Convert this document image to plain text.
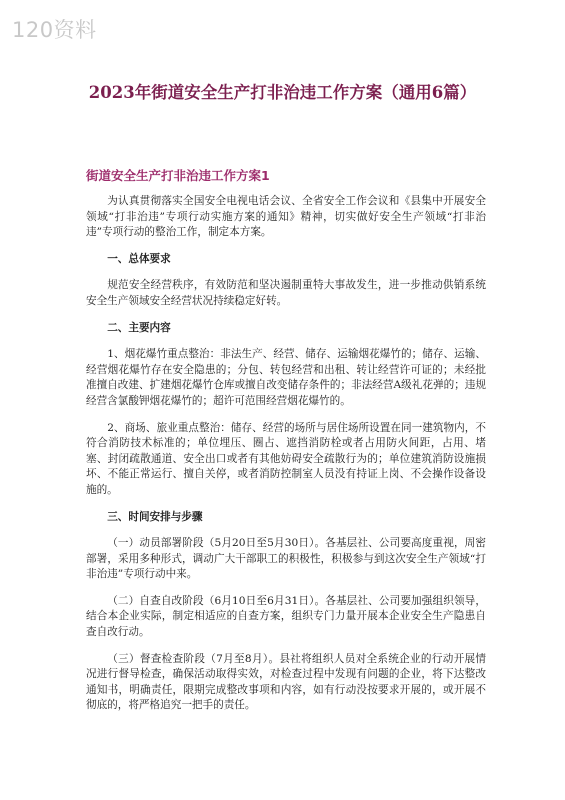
120资料
2023年街道安全生产打非治违工作方案（通用6篇）
街道安全生产打非治违工作方案1

为认真贯彻落实全国安全电视电话会议、全省安全工作会议和《县集中开展安全领域“打非治违”专项行动实施方案的通知》精神，切实做好安全生产领域“打非治违”专项行动的整治工作，制定本方案。

一、总体要求

规范安全经营秩序，有效防范和坚决遏制重特大事故发生，进一步推动供销系统安全生产领域安全经营状况持续稳定好转。

二、主要内容

1、烟花爆竹重点整治：非法生产、经营、储存、运输烟花爆竹的；储存、运输、经营烟花爆竹存在安全隐患的；分包、转包经营和出租、转让经营许可证的；未经批准擅自改建、扩建烟花爆竹仓库或擅自改变储存条件的；非法经营A级礼花弹的；违规经营含氯酸钾烟花爆竹的；超许可范围经营烟花爆竹的。

2、商场、旅业重点整治：储存、经营的场所与居住场所设置在同一建筑物内，不符合消防技术标准的；单位埋压、圈占、遮挡消防栓或者占用防火间距，占用、堵塞、封闭疏散通道、安全出口或者有其他妨碍安全疏散行为的；单位建筑消防设施损坏、不能正常运行、擅自关停，或者消防控制室人员没有持证上岗、不会操作设备设施的。

三、时间安排与步骤

（一）动员部署阶段（5月20日至5月30日）。各基层社、公司要高度重视，周密部署，采用多种形式，调动广大干部职工的积极性，积极参与到这次安全生产领域“打非治违”专项行动中来。

（二）自查自改阶段（6月10日至6月31日）。各基层社、公司要加强组织领导，结合本企业实际，制定相适应的自查方案，组织专门力量开展本企业安全生产隐患自查自改行动。

（三）督查检查阶段（7月至8月）。县社将组织人员对全系统企业的行动开展情况进行督导检查，确保活动取得实效，对检查过程中发现有问题的企业，将下达整改通知书，明确责任，限期完成整改事项和内容，如有行动没按要求开展的，或开展不彻底的，将严格追究一把手的责任。
